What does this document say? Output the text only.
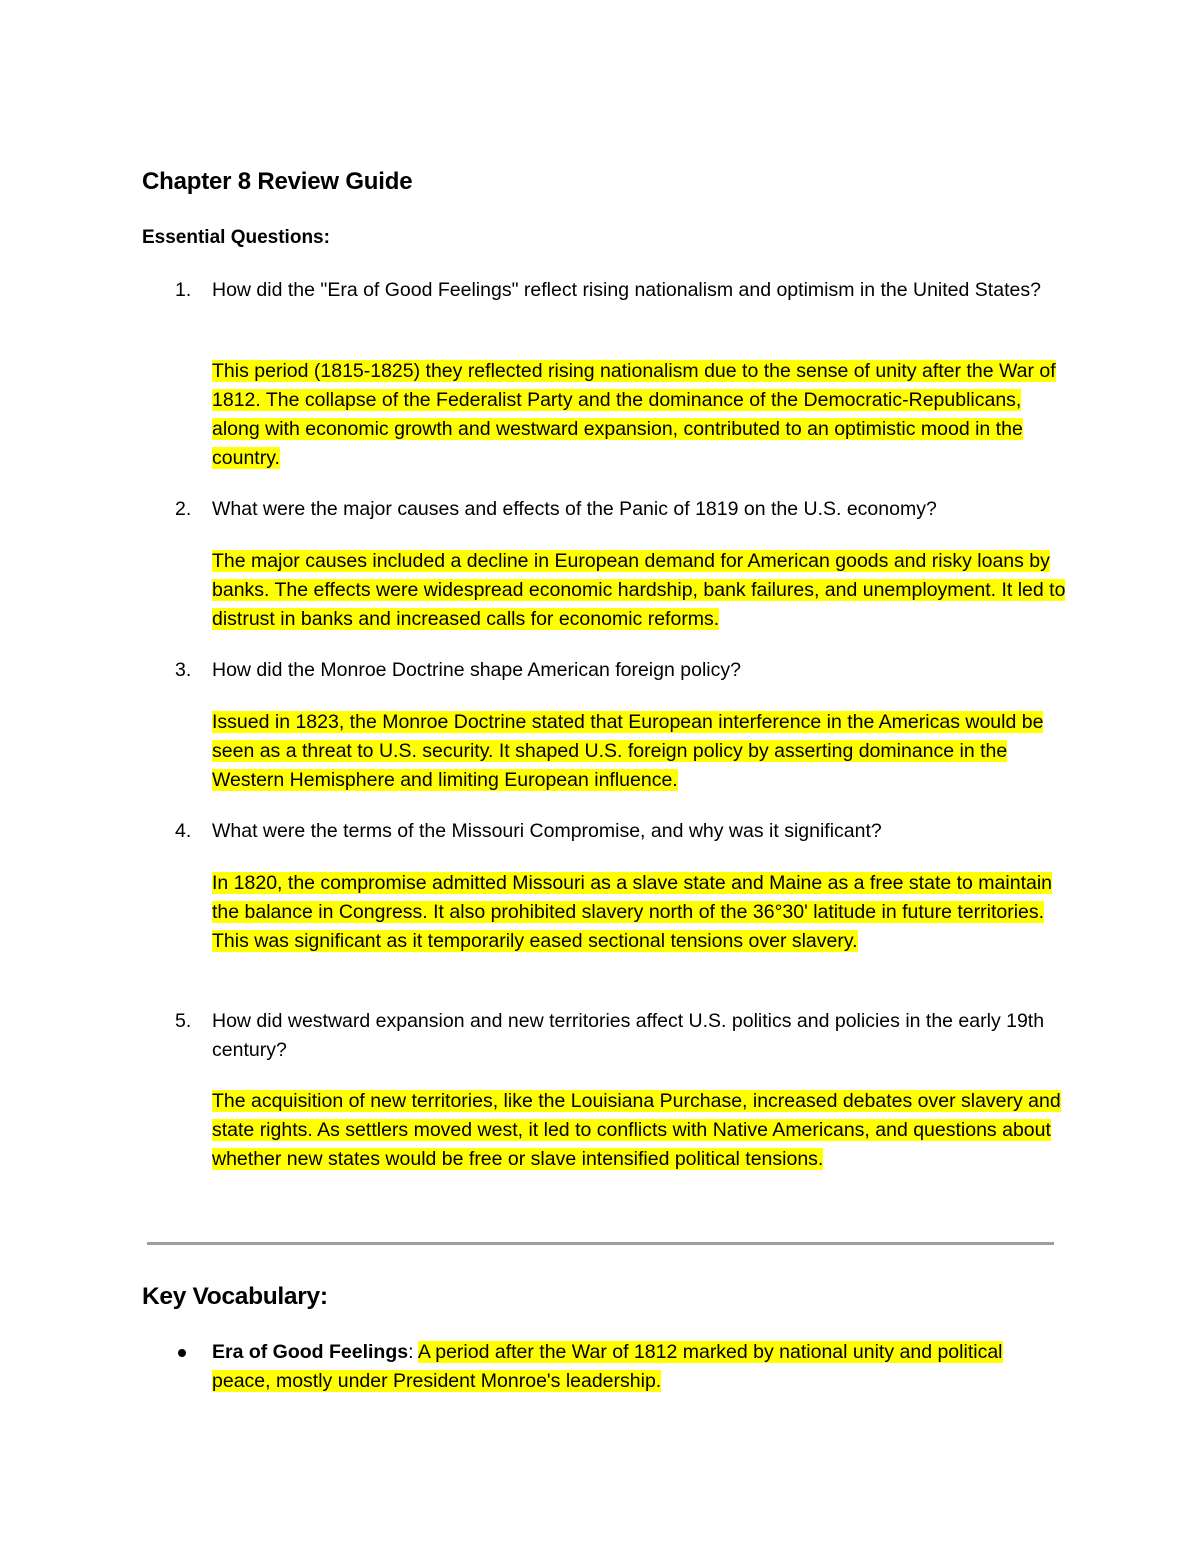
Chapter 8 Review Guide
Essential Questions:
1.	How did the "Era of Good Feelings" reflect rising nationalism and optimism in the United States?
This period (1815-1825) they reflected rising nationalism due to the sense of unity after the War of 1812. The collapse of the Federalist Party and the dominance of the Democratic-Republicans, along with economic growth and westward expansion, contributed to an optimistic mood in the country.
2.	What were the major causes and effects of the Panic of 1819 on the U.S. economy?
The major causes included a decline in European demand for American goods and risky loans by banks. The effects were widespread economic hardship, bank failures, and unemployment. It led to distrust in banks and increased calls for economic reforms.
3.	How did the Monroe Doctrine shape American foreign policy?
Issued in 1823, the Monroe Doctrine stated that European interference in the Americas would be seen as a threat to U.S. security. It shaped U.S. foreign policy by asserting dominance in the Western Hemisphere and limiting European influence.
4.	What were the terms of the Missouri Compromise, and why was it significant?
In 1820, the compromise admitted Missouri as a slave state and Maine as a free state to maintain the balance in Congress. It also prohibited slavery north of the 36°30' latitude in future territories. This was significant as it temporarily eased sectional tensions over slavery.
5.	How did westward expansion and new territories affect U.S. politics and policies in the early 19th century?
The acquisition of new territories, like the Louisiana Purchase, increased debates over slavery and state rights. As settlers moved west, it led to conflicts with Native Americans, and questions about whether new states would be free or slave intensified political tensions.
Key Vocabulary:
Era of Good Feelings: A period after the War of 1812 marked by national unity and political peace, mostly under President Monroe's leadership.
